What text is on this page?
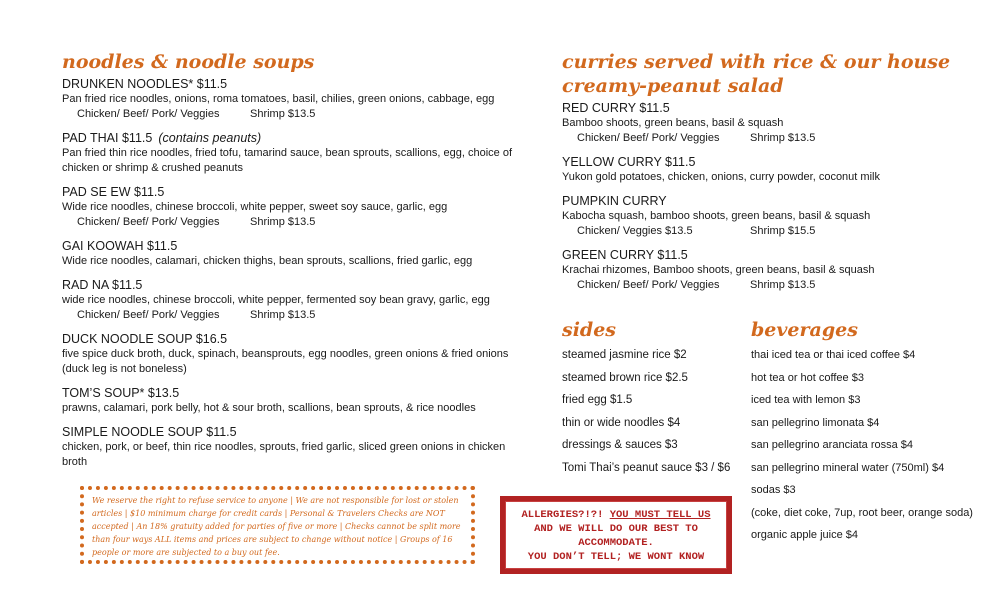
noodles & noodle soups
DRUNKEN NOODLES* $11.5
Pan fried rice noodles, onions, roma tomatoes, basil, chilies, green onions, cabbage, egg
Chicken/ Beef/ Pork/ Veggies	Shrimp $13.5
PAD THAI $11.5 (contains peanuts)
Pan fried thin rice noodles, fried tofu, tamarind sauce, bean sprouts, scallions, egg, choice of chicken or shrimp & crushed peanuts
PAD SE EW $11.5
Wide rice noodles, chinese broccoli, white pepper, sweet soy sauce, garlic, egg
Chicken/ Beef/ Pork/ Veggies	Shrimp $13.5
GAI KOOWAH $11.5
Wide rice noodles, calamari, chicken thighs, bean sprouts, scallions, fried garlic, egg
RAD NA $11.5
wide rice noodles, chinese broccoli, white pepper, fermented soy bean gravy, garlic, egg
Chicken/ Beef/ Pork/ Veggies	Shrimp $13.5
DUCK NOODLE SOUP $16.5
five spice duck broth, duck, spinach, beansprouts, egg noodles, green onions & fried onions (duck leg is not boneless)
TOM’S SOUP* $13.5
prawns, calamari, pork belly, hot & sour broth, scallions, bean sprouts, & rice noodles
SIMPLE NOODLE SOUP $11.5
chicken, pork, or beef, thin rice noodles, sprouts, fried garlic, sliced green onions in chicken broth
curries served with rice & our house creamy-peanut salad
RED CURRY $11.5
Bamboo shoots, green beans, basil & squash
Chicken/ Beef/ Pork/ Veggies	Shrimp $13.5
YELLOW CURRY $11.5
Yukon gold potatoes, chicken, onions, curry powder, coconut milk
PUMPKIN CURRY
Kabocha squash, bamboo shoots, green beans, basil & squash
Chicken/ Veggies $13.5	Shrimp $15.5
GREEN CURRY $11.5
Krachai rhizomes, Bamboo shoots, green beans, basil & squash
Chicken/ Beef/ Pork/ Veggies	Shrimp $13.5
sides
steamed jasmine rice $2
steamed brown rice $2.5
fried egg $1.5
thin or wide noodles $4
dressings & sauces $3
Tomi Thai’s peanut sauce $3 / $6
beverages
thai iced tea or thai iced coffee $4
hot tea or hot coffee $3
iced tea with lemon $3
san pellegrino limonata $4
san pellegrino aranciata rossa $4
san pellegrino mineral water (750ml) $4
sodas $3
(coke, diet coke, 7up, root beer, orange soda)
organic apple juice $4
We reserve the right to refuse service to anyone | We are not responsible for lost or stolen articles | $10 minimum charge for credit cards | Personal & Travelers Checks are NOT accepted | An 18% gratuity added for parties of five or more | Checks cannot be split more than four ways ALL items and prices are subject to change without notice | Groups of 16 people or more are subjected to a buy out fee.
ALLERGIES?!?! YOU MUST TELL US AND WE WILL DO OUR BEST TO ACCOMMODATE.
YOU DON’T TELL; WE WONT KNOW
